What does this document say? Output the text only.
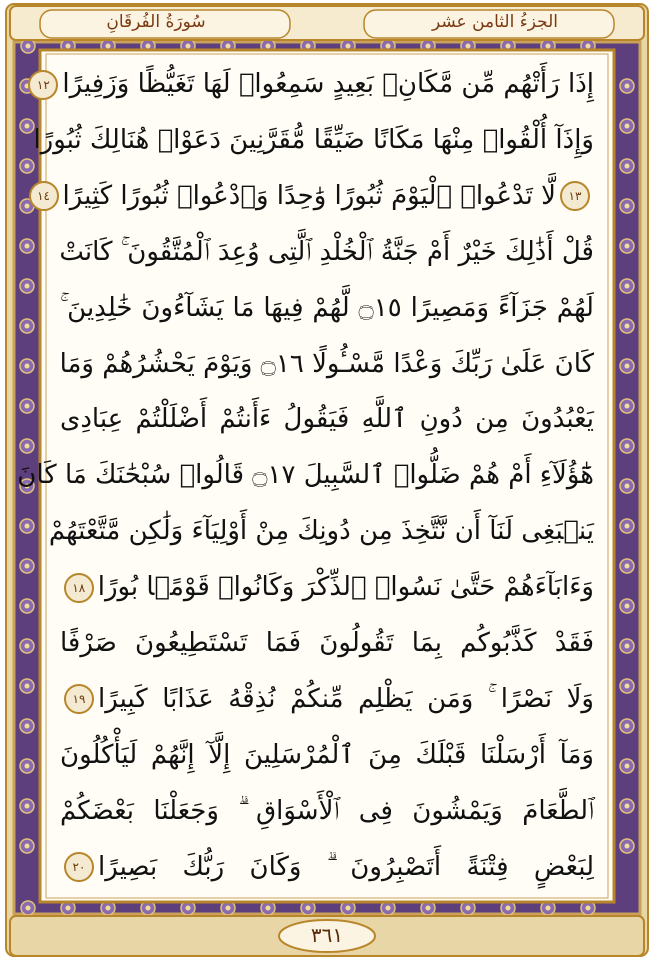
الجزءُ الثامن عشر
سُورَةُ الفُرقَانِ
إِذَا رَأَتْهُم مِّن مَّكَانِۭ بَعِيدٍ سَمِعُوا۟ لَهَا تَغَيُّظًا وَزَفِيرًا١٢
وَإِذَآ أُلْقُوا۟ مِنْهَا مَكَانًا ضَيِّقًا مُّقَرَّنِينَ دَعَوْا۟ هُنَالِكَ ثُبُورًا
١٣لَّا تَدْعُوا۟ ٱلْيَوْمَ ثُبُورًا وَٰحِدًا وَٱدْعُوا۟ ثُبُورًا كَثِيرًا١٤
قُلْ أَذَٰلِكَ خَيْرٌ أَمْ جَنَّةُ ٱلْخُلْدِ ٱلَّتِى وُعِدَ ٱلْمُتَّقُونَ ۚ كَانَتْ
لَهُمْ جَزَآءً وَمَصِيرًا ۝١٥ لَّهُمْ فِيهَا مَا يَشَآءُونَ خَٰلِدِينَ ۚ
كَانَ عَلَىٰ رَبِّكَ وَعْدًا مَّسْـُٔولًا ۝١٦ وَيَوْمَ يَحْشُرُهُمْ وَمَا
يَعْبُدُونَ مِن دُونِ ٱللَّهِ فَيَقُولُ ءَأَنتُمْ أَضْلَلْتُمْ عِبَادِى
هَٰٓؤُلَآءِ أَمْ هُمْ ضَلُّوا۟ ٱلسَّبِيلَ ۝١٧ قَالُوا۟ سُبْحَٰنَكَ مَا كَانَ
يَنۢبَغِى لَنَآ أَن نَّتَّخِذَ مِن دُونِكَ مِنْ أَوْلِيَآءَ وَلَٰكِن مَّتَّعْتَهُمْ
وَءَابَآءَهُمْ حَتَّىٰ نَسُوا۟ ٱلذِّكْرَ وَكَانُوا۟ قَوْمًۢا بُورًا١٨
فَقَدْ كَذَّبُوكُم بِمَا تَقُولُونَ فَمَا تَسْتَطِيعُونَ صَرْفًا
وَلَا نَصْرًا ۚ وَمَن يَظْلِم مِّنكُمْ نُذِقْهُ عَذَابًا كَبِيرًا١٩
وَمَآ أَرْسَلْنَا قَبْلَكَ مِنَ ٱلْمُرْسَلِينَ إِلَّآ إِنَّهُمْ لَيَأْكُلُونَ
ٱلطَّعَامَ وَيَمْشُونَ فِى ٱلْأَسْوَاقِ ۗ وَجَعَلْنَا بَعْضَكُمْ
لِبَعْضٍ فِتْنَةً أَتَصْبِرُونَ ۗ وَكَانَ رَبُّكَ بَصِيرًا٢٠
٣٦١
